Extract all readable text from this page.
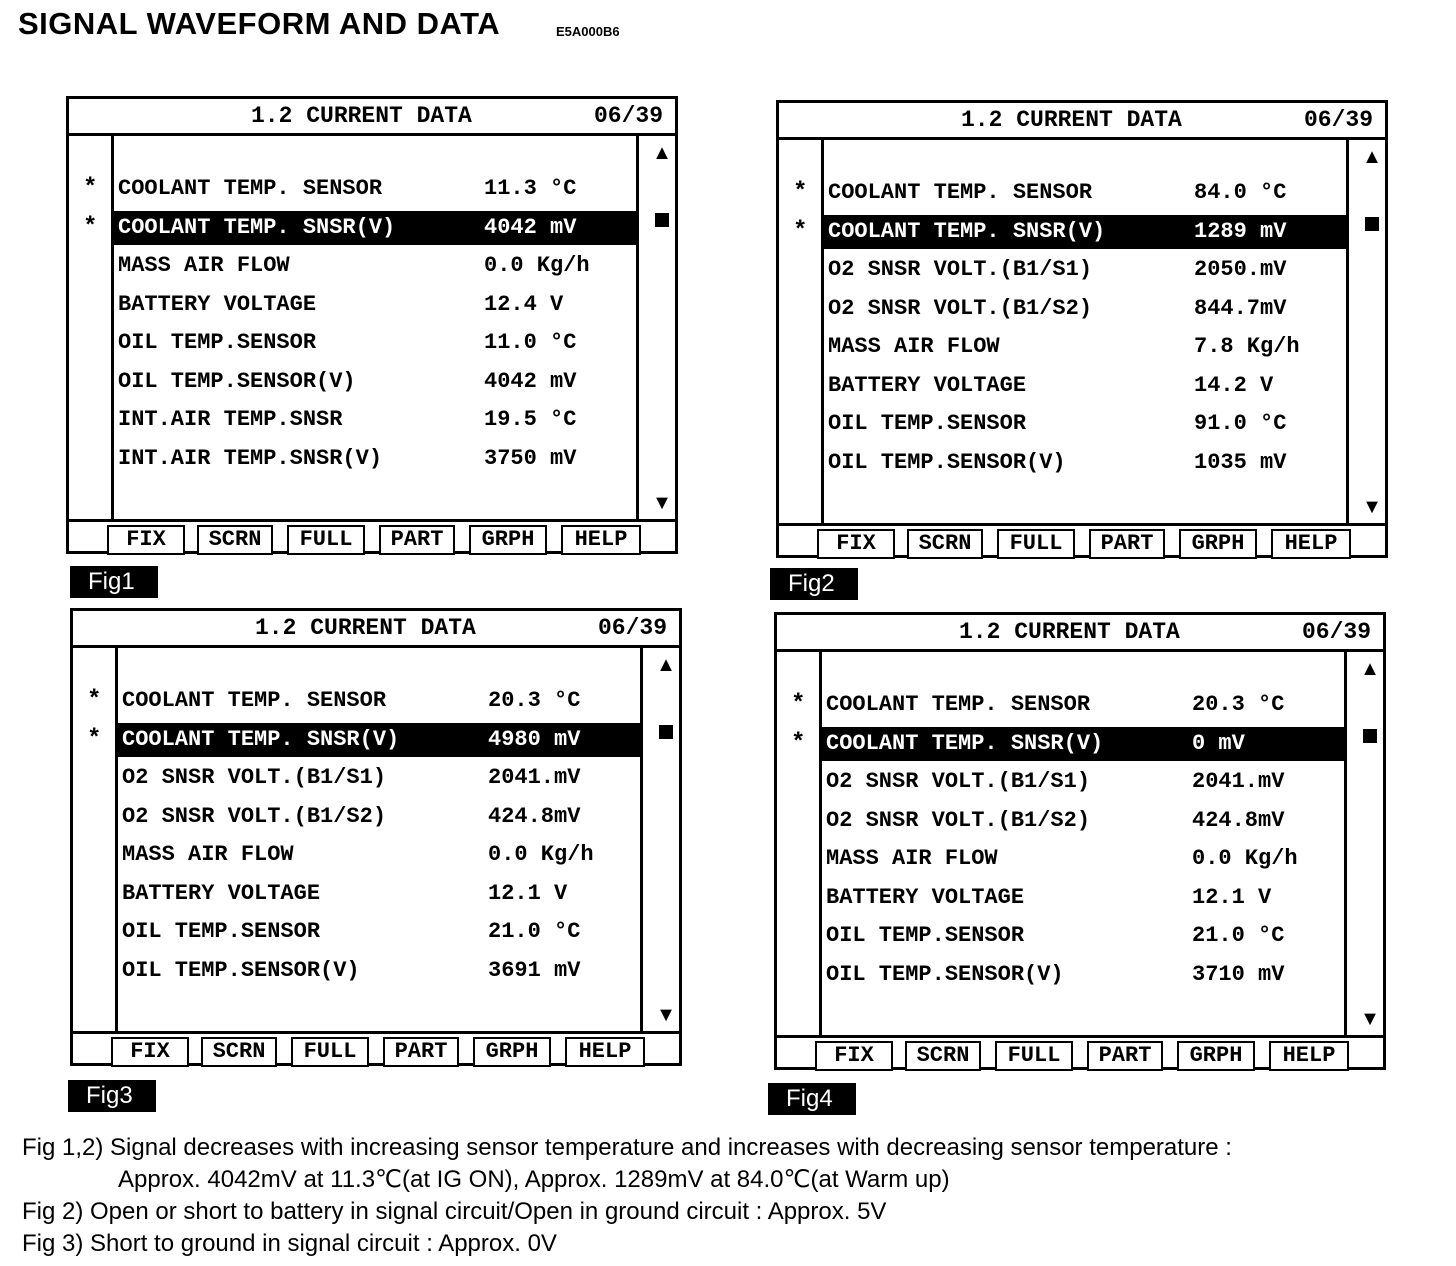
SIGNAL WAVEFORM AND DATA	E5A000B6
1.2 CURRENT DATA	06/39
*
*
COOLANT TEMP. SENSOR	11.3 °C
COOLANT TEMP. SNSR(V)	4042 mV
MASS AIR FLOW	0.0 Kg/h
BATTERY VOLTAGE	12.4 V
OIL TEMP.SENSOR	11.0 °C
OIL TEMP.SENSOR(V)	4042 mV
INT.AIR TEMP.SNSR	19.5 °C
INT.AIR TEMP.SNSR(V)	3750 mV
▲
▼
FIX	SCRN	FULL	PART	GRPH	HELP
Fig1
1.2 CURRENT DATA	06/39
*
*
COOLANT TEMP. SENSOR	84.0 °C
COOLANT TEMP. SNSR(V)	1289 mV
O2 SNSR VOLT.(B1/S1)	2050.mV
O2 SNSR VOLT.(B1/S2)	844.7mV
MASS AIR FLOW	7.8 Kg/h
BATTERY VOLTAGE	14.2 V
OIL TEMP.SENSOR	91.0 °C
OIL TEMP.SENSOR(V)	1035 mV
▲
▼
FIX	SCRN	FULL	PART	GRPH	HELP
Fig2
1.2 CURRENT DATA	06/39
*
*
COOLANT TEMP. SENSOR	20.3 °C
COOLANT TEMP. SNSR(V)	4980 mV
O2 SNSR VOLT.(B1/S1)	2041.mV
O2 SNSR VOLT.(B1/S2)	424.8mV
MASS AIR FLOW	0.0 Kg/h
BATTERY VOLTAGE	12.1 V
OIL TEMP.SENSOR	21.0 °C
OIL TEMP.SENSOR(V)	3691 mV
▲
▼
FIX	SCRN	FULL	PART	GRPH	HELP
Fig3
1.2 CURRENT DATA	06/39
*
*
COOLANT TEMP. SENSOR	20.3 °C
COOLANT TEMP. SNSR(V)	0 mV
O2 SNSR VOLT.(B1/S1)	2041.mV
O2 SNSR VOLT.(B1/S2)	424.8mV
MASS AIR FLOW	0.0 Kg/h
BATTERY VOLTAGE	12.1 V
OIL TEMP.SENSOR	21.0 °C
OIL TEMP.SENSOR(V)	3710 mV
▲
▼
FIX	SCRN	FULL	PART	GRPH	HELP
Fig4
Fig 1,2) Signal decreases with increasing sensor temperature and increases with decreasing sensor temperature :
Approx. 4042mV at 11.3℃(at IG ON), Approx. 1289mV at 84.0℃(at Warm up)
Fig 2) Open or short to battery in signal circuit/Open in ground circuit : Approx. 5V
Fig 3) Short to ground in signal circuit : Approx. 0V
